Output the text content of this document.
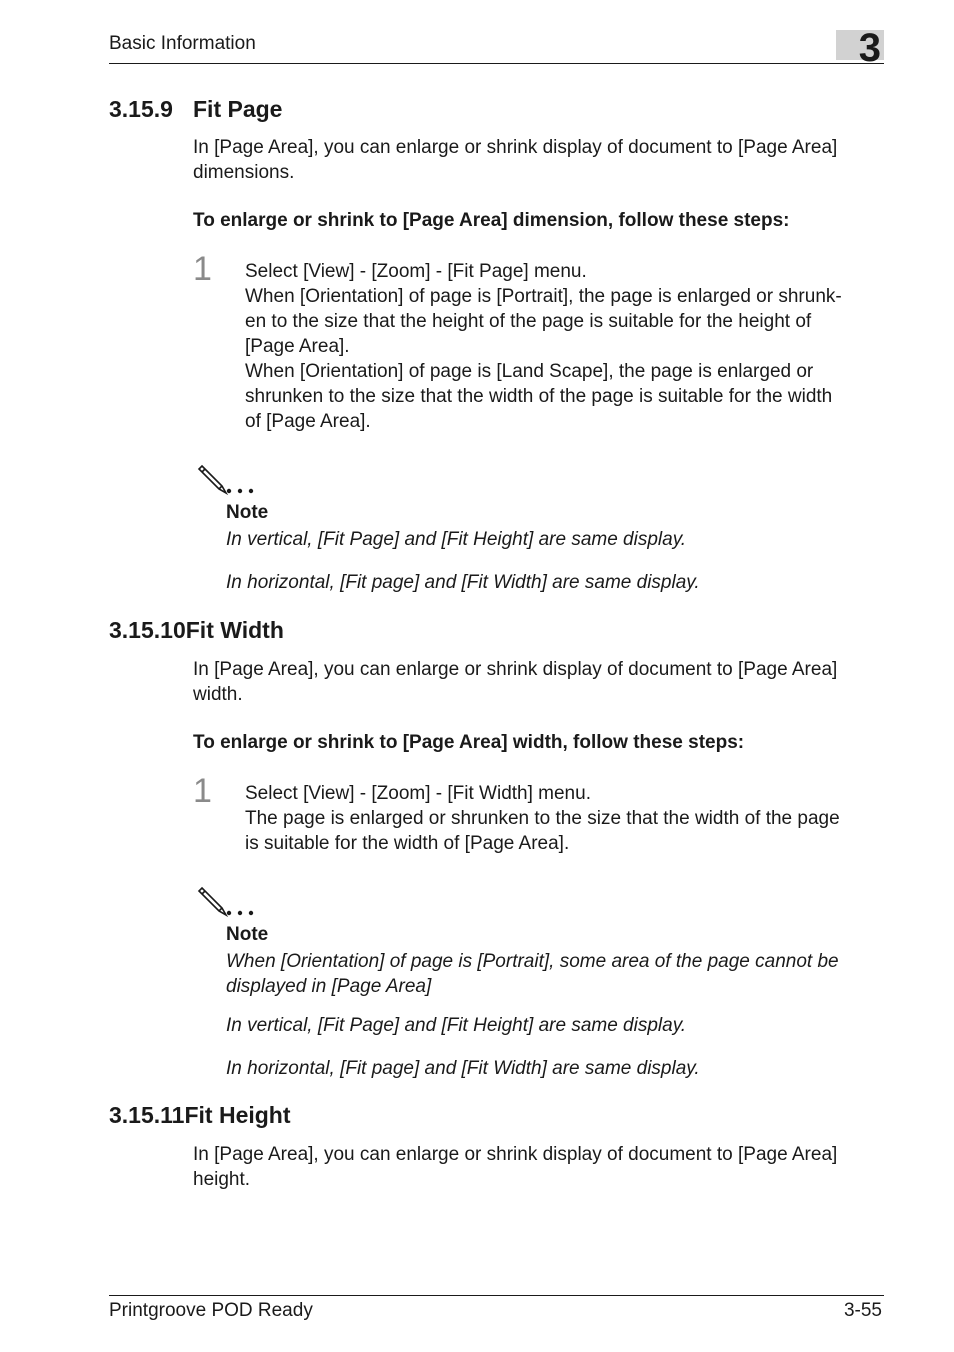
Basic Information	3
3.15.9 Fit Page
In [Page Area], you can enlarge or shrink display of document to [Page Area]
dimensions.
To enlarge or shrink to [Page Area] dimension, follow these steps:
1 Select [View] - [Zoom] - [Fit Page] menu.
When [Orientation] of page is [Portrait], the page is enlarged or shrunk-
en to the size that the height of the page is suitable for the height of
[Page Area].
When [Orientation] of page is [Land Scape], the page is enlarged or
shrunken to the size that the width of the page is suitable for the width
of [Page Area].
Note
In vertical, [Fit Page] and [Fit Height] are same display.
In horizontal, [Fit page] and [Fit Width] are same display.
3.15.10Fit Width
In [Page Area], you can enlarge or shrink display of document to [Page Area]
width.
To enlarge or shrink to [Page Area] width, follow these steps:
1 Select [View] - [Zoom] - [Fit Width] menu.
The page is enlarged or shrunken to the size that the width of the page
is suitable for the width of [Page Area].
Note
When [Orientation] of page is [Portrait], some area of the page cannot be
displayed in [Page Area]
In vertical, [Fit Page] and [Fit Height] are same display.
In horizontal, [Fit page] and [Fit Width] are same display.
3.15.11Fit Height
In [Page Area], you can enlarge or shrink display of document to [Page Area]
height.
Printgroove POD Ready	3-55
